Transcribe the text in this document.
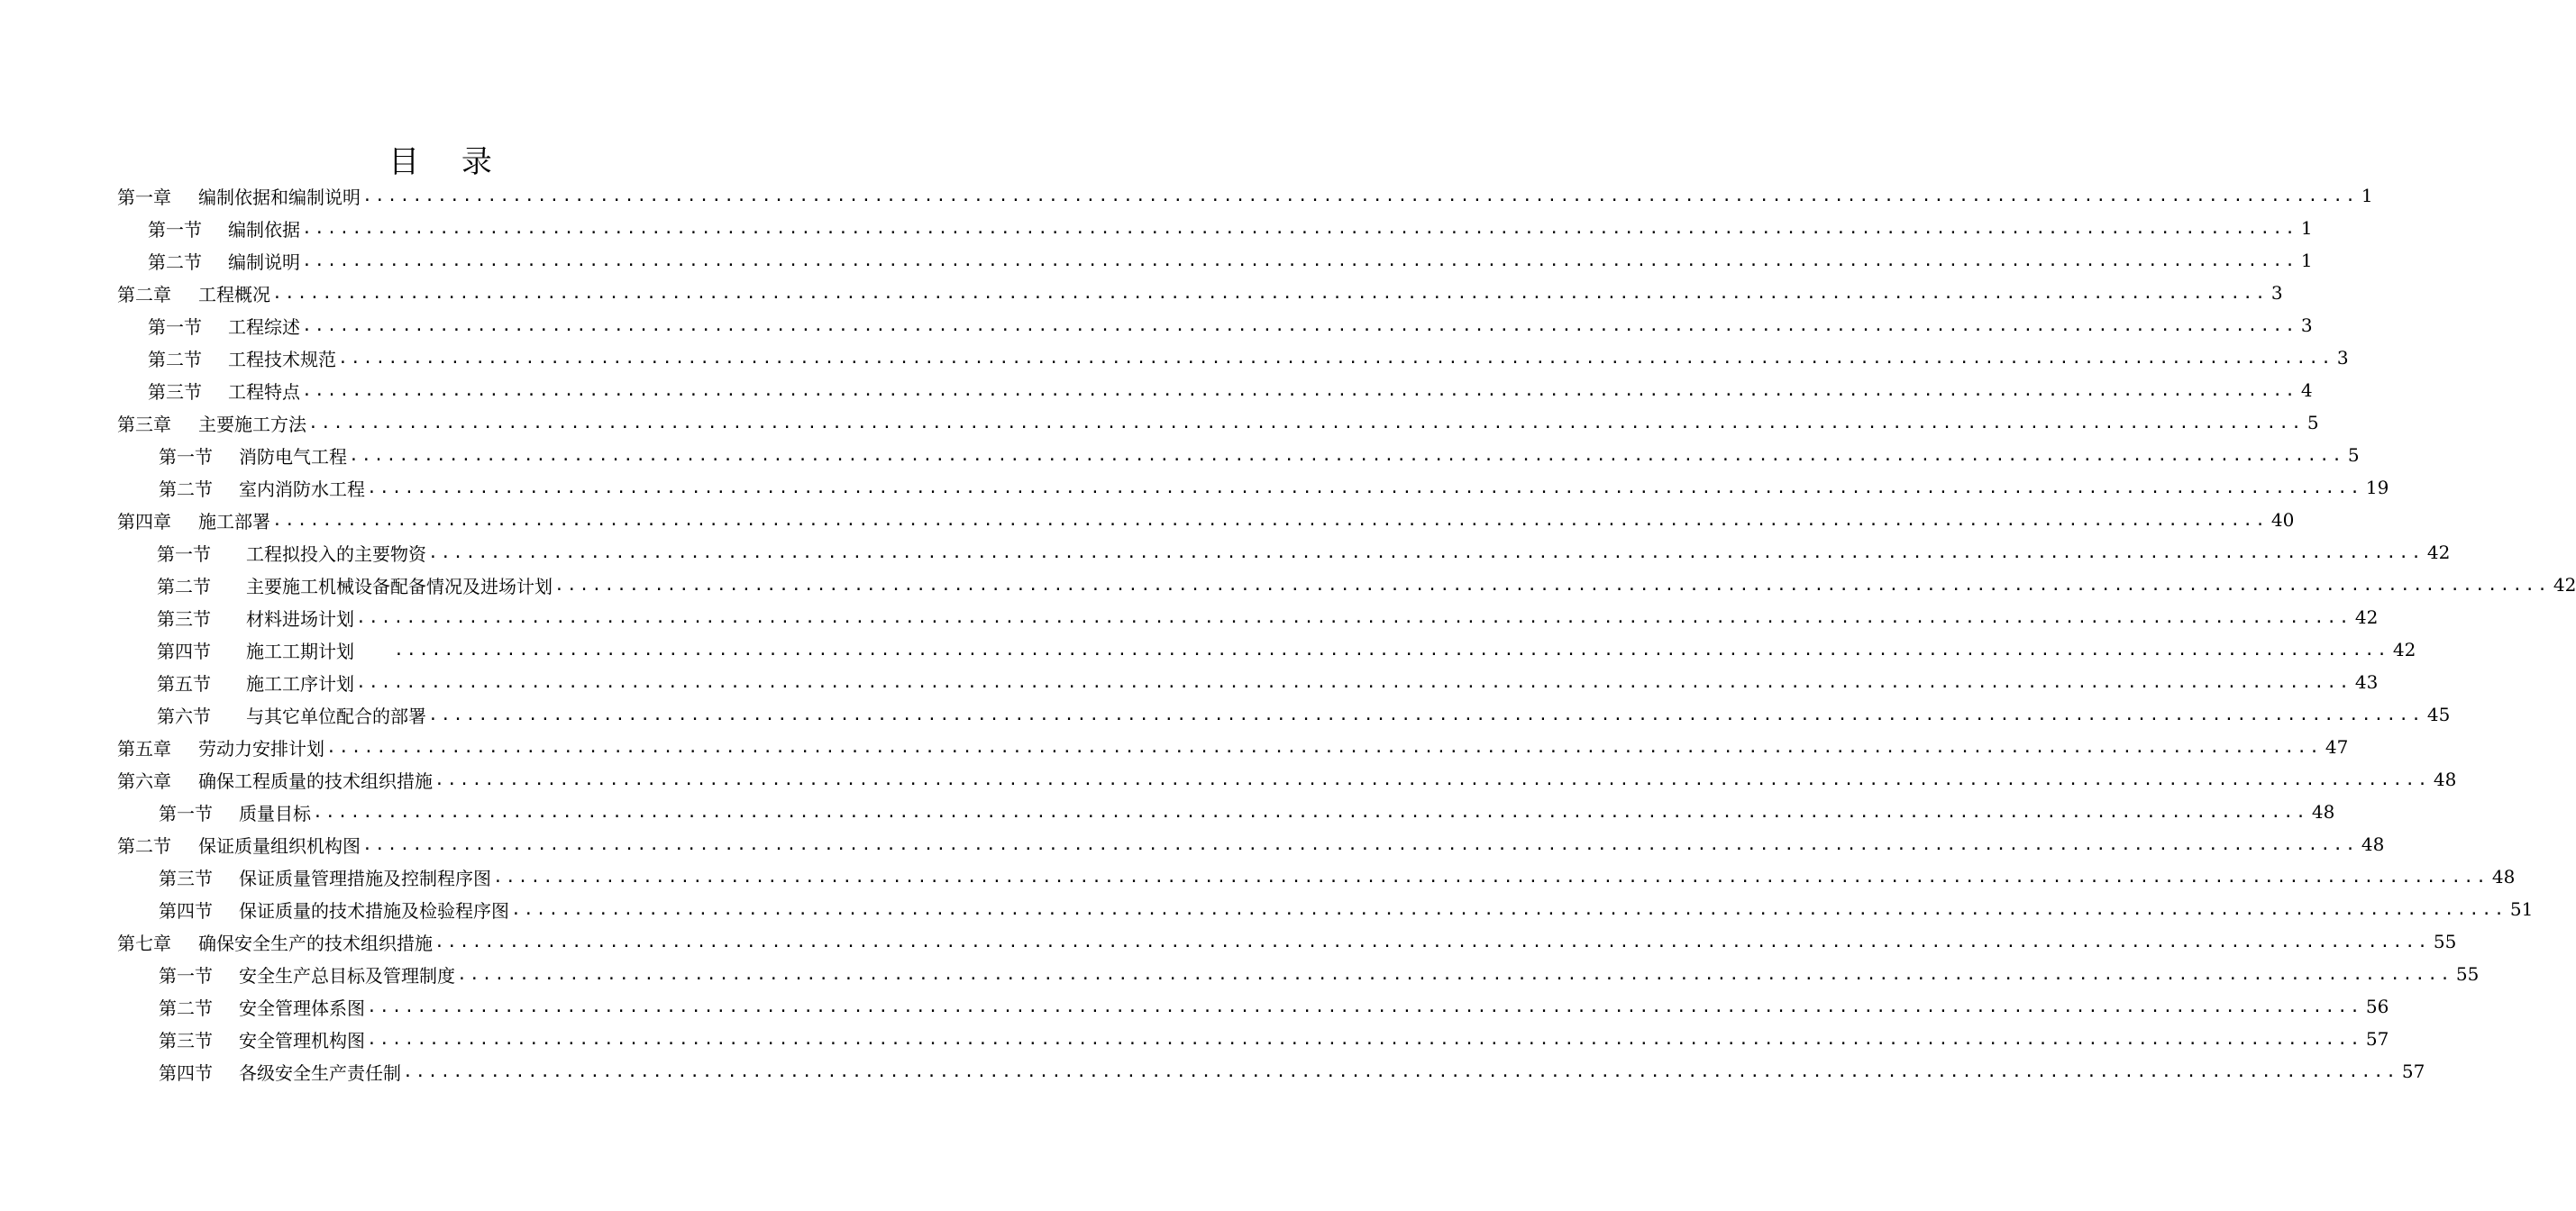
目 录
第一章	编制依据和编制说明 ................................................................................................................................................................ 1
第一节	编制依据 ................................................................................................................................................................ 1
第二节	编制说明 ................................................................................................................................................................ 1
第二章	工程概况 ................................................................................................................................................................ 3
第一节	工程综述 ................................................................................................................................................................ 3
第二节	工程技术规范 ................................................................................................................................................................ 3
第三节	工程特点 ................................................................................................................................................................ 4
第三章	主要施工方法 ................................................................................................................................................................ 5
第一节	消防电气工程 ................................................................................................................................................................ 5
第二节	室内消防水工程 ................................................................................................................................................................ 19
第四章	施工部署 ................................................................................................................................................................ 40
第一节	工程拟投入的主要物资 ................................................................................................................................................................ 42
第二节	主要施工机械设备配备情况及进场计划 ................................................................................................................................................................ 42
第三节	材料进场计划 ................................................................................................................................................................ 42
第四节	施工工期计划	................................................................................................................................................................ 42
第五节	施工工序计划 ................................................................................................................................................................ 43
第六节	与其它单位配合的部署 ................................................................................................................................................................ 45
第五章	劳动力安排计划 ................................................................................................................................................................ 47
第六章	确保工程质量的技术组织措施 ................................................................................................................................................................ 48
第一节	质量目标 ................................................................................................................................................................ 48
第二节	保证质量组织机构图 ................................................................................................................................................................ 48
第三节	保证质量管理措施及控制程序图 ................................................................................................................................................................ 48
第四节	保证质量的技术措施及检验程序图 ................................................................................................................................................................ 51
第七章	确保安全生产的技术组织措施 ................................................................................................................................................................ 55
第一节	安全生产总目标及管理制度 ................................................................................................................................................................ 55
第二节	安全管理体系图 ................................................................................................................................................................ 56
第三节	安全管理机构图 ................................................................................................................................................................ 57
第四节	各级安全生产责任制 ................................................................................................................................................................ 57
